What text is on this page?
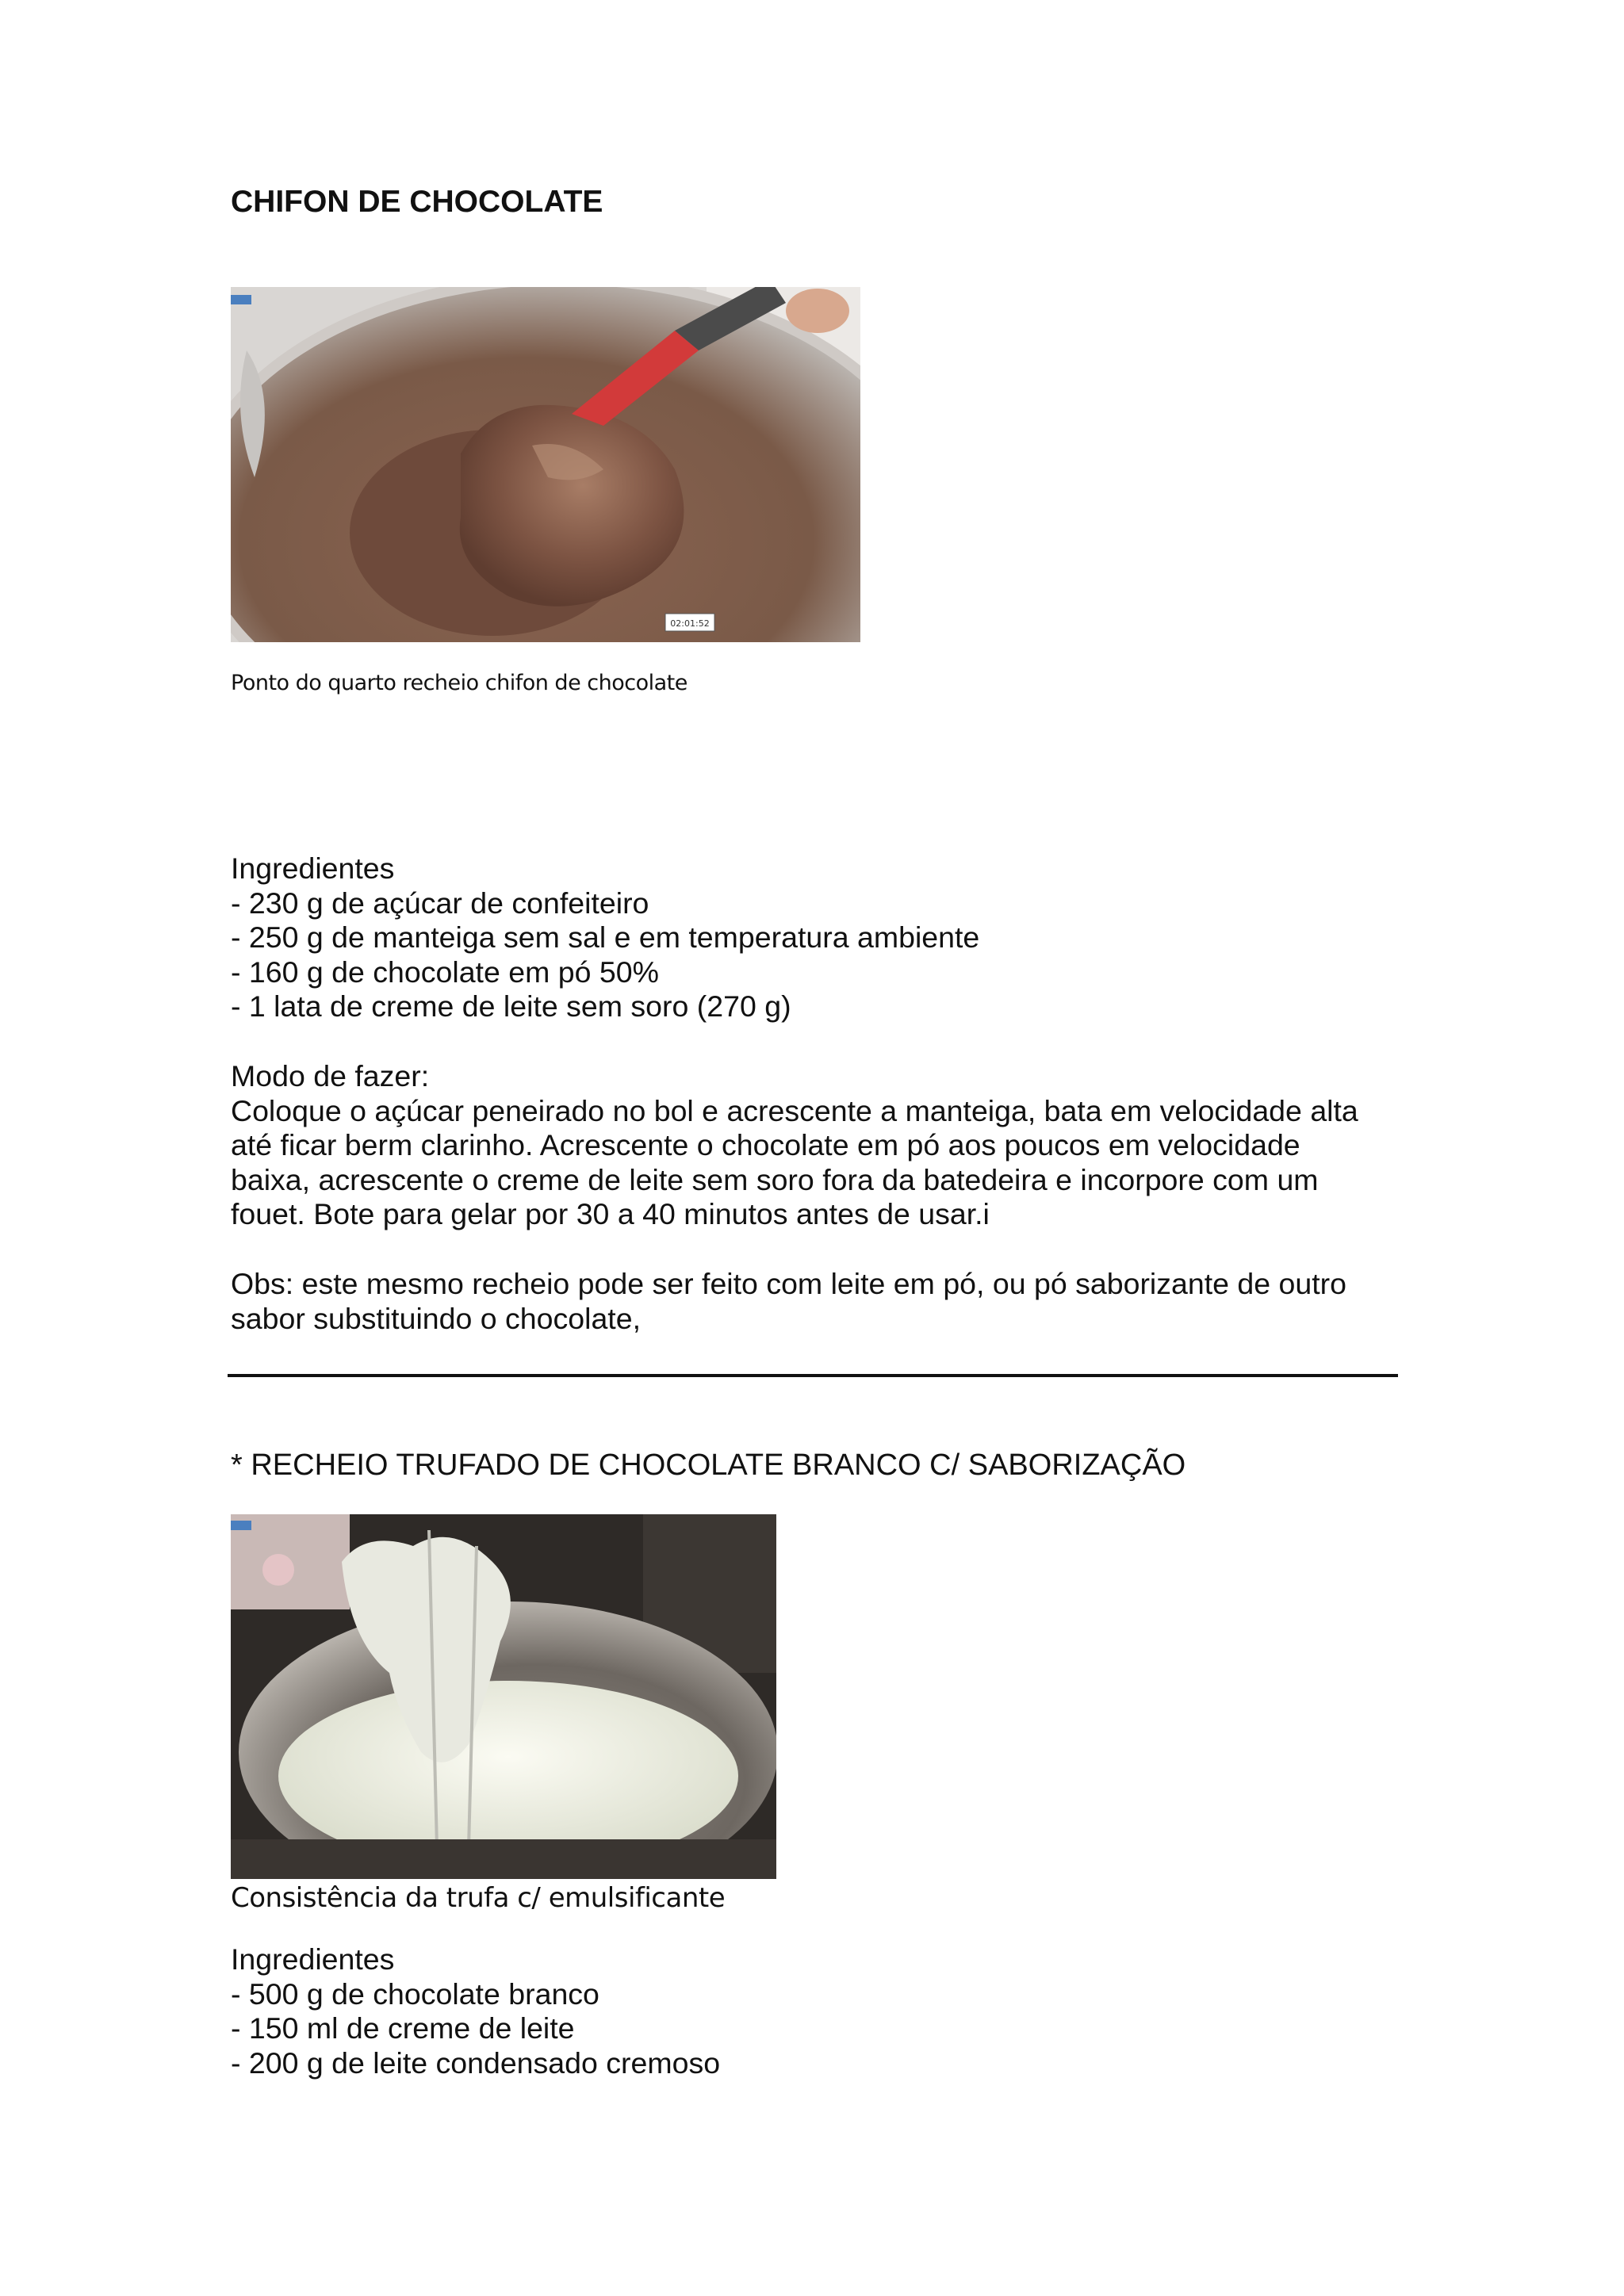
CHIFON DE CHOCOLATE
02:01:52
Ponto do quarto recheio chifon de chocolate
Ingredientes
- 230 g de açúcar de confeiteiro
- 250 g de manteiga sem sal e em temperatura ambiente
- 160 g de chocolate em pó 50%
- 1 lata de creme de leite sem soro (270 g)
Modo de fazer:
Coloque o açúcar peneirado no bol e acrescente a manteiga, bata em velocidade alta
até ficar berm clarinho. Acrescente o chocolate em pó aos poucos em velocidade
baixa, acrescente o creme de leite sem soro fora da batedeira e incorpore com um
fouet. Bote para gelar por 30 a 40 minutos antes de usar.i
Obs: este mesmo recheio pode ser feito com leite em pó, ou pó saborizante de outro
sabor substituindo o chocolate,
* RECHEIO TRUFADO DE CHOCOLATE BRANCO C/ SABORIZAÇÃO
Consistência da trufa c/ emulsificante
Ingredientes
- 500 g de chocolate branco
- 150 ml de creme de leite
- 200 g de leite condensado cremoso
